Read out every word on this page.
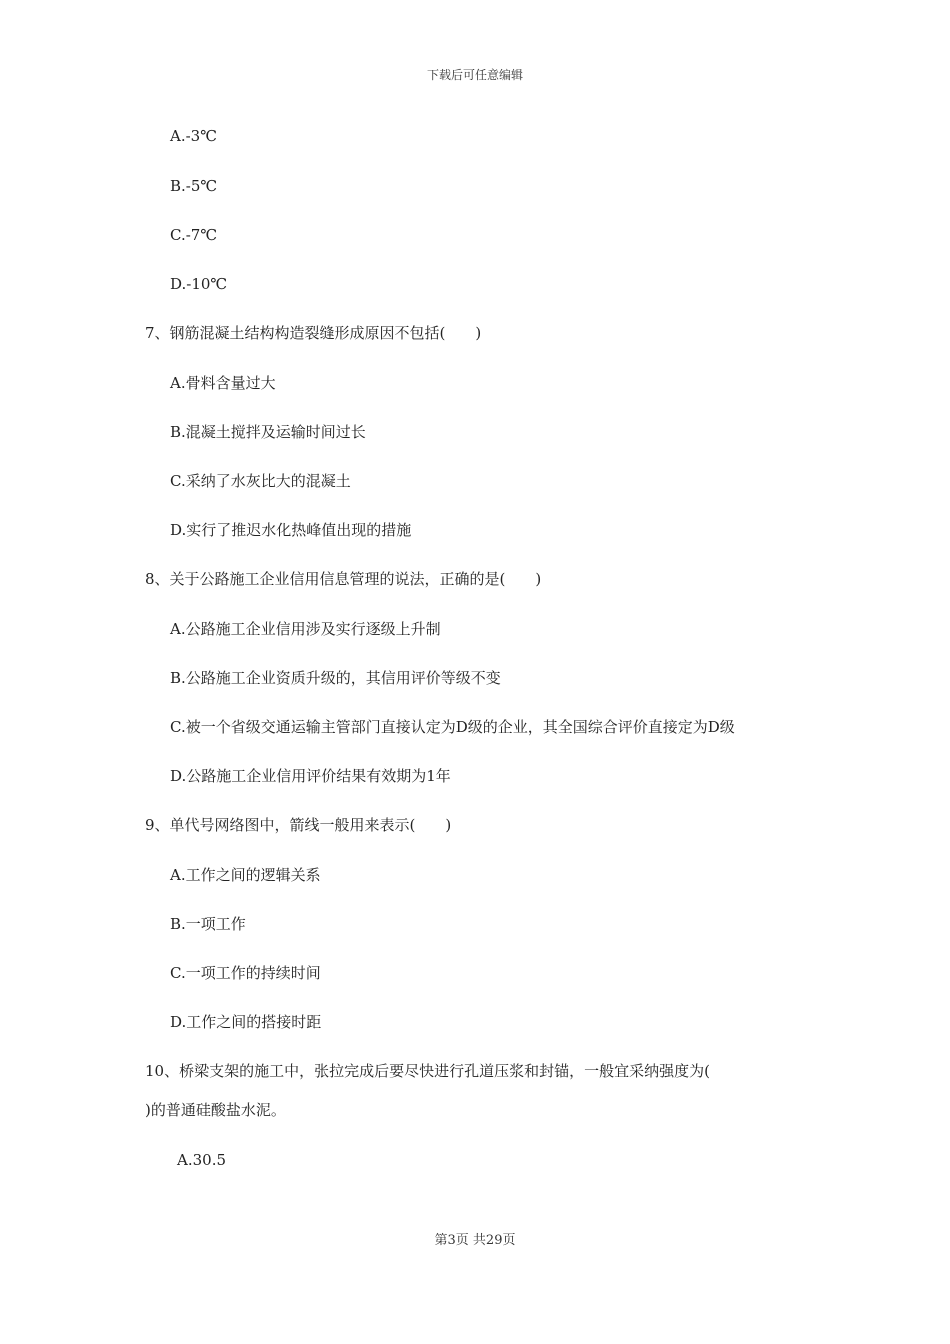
下载后可任意编辑
A.-3℃
B.-5℃
C.-7℃
D.-10℃
7、钢筋混凝土结构构造裂缝形成原因不包括(　　)
A.骨料含量过大
B.混凝土搅拌及运输时间过长
C.采纳了水灰比大的混凝土
D.实行了推迟水化热峰值出现的措施
8、关于公路施工企业信用信息管理的说法，正确的是(　　)
A.公路施工企业信用涉及实行逐级上升制
B.公路施工企业资质升级的，其信用评价等级不变
C.被一个省级交通运输主管部门直接认定为D级的企业，其全国综合评价直接定为D级
D.公路施工企业信用评价结果有效期为1年
9、单代号网络图中，箭线一般用来表示(　　)
A.工作之间的逻辑关系
B.一项工作
C.一项工作的持续时间
D.工作之间的搭接时距
10、桥梁支架的施工中，张拉完成后要尽快进行孔道压浆和封锚，一般宜采纳强度为(
)的普通硅酸盐水泥。
A.30.5
第3页 共29页
